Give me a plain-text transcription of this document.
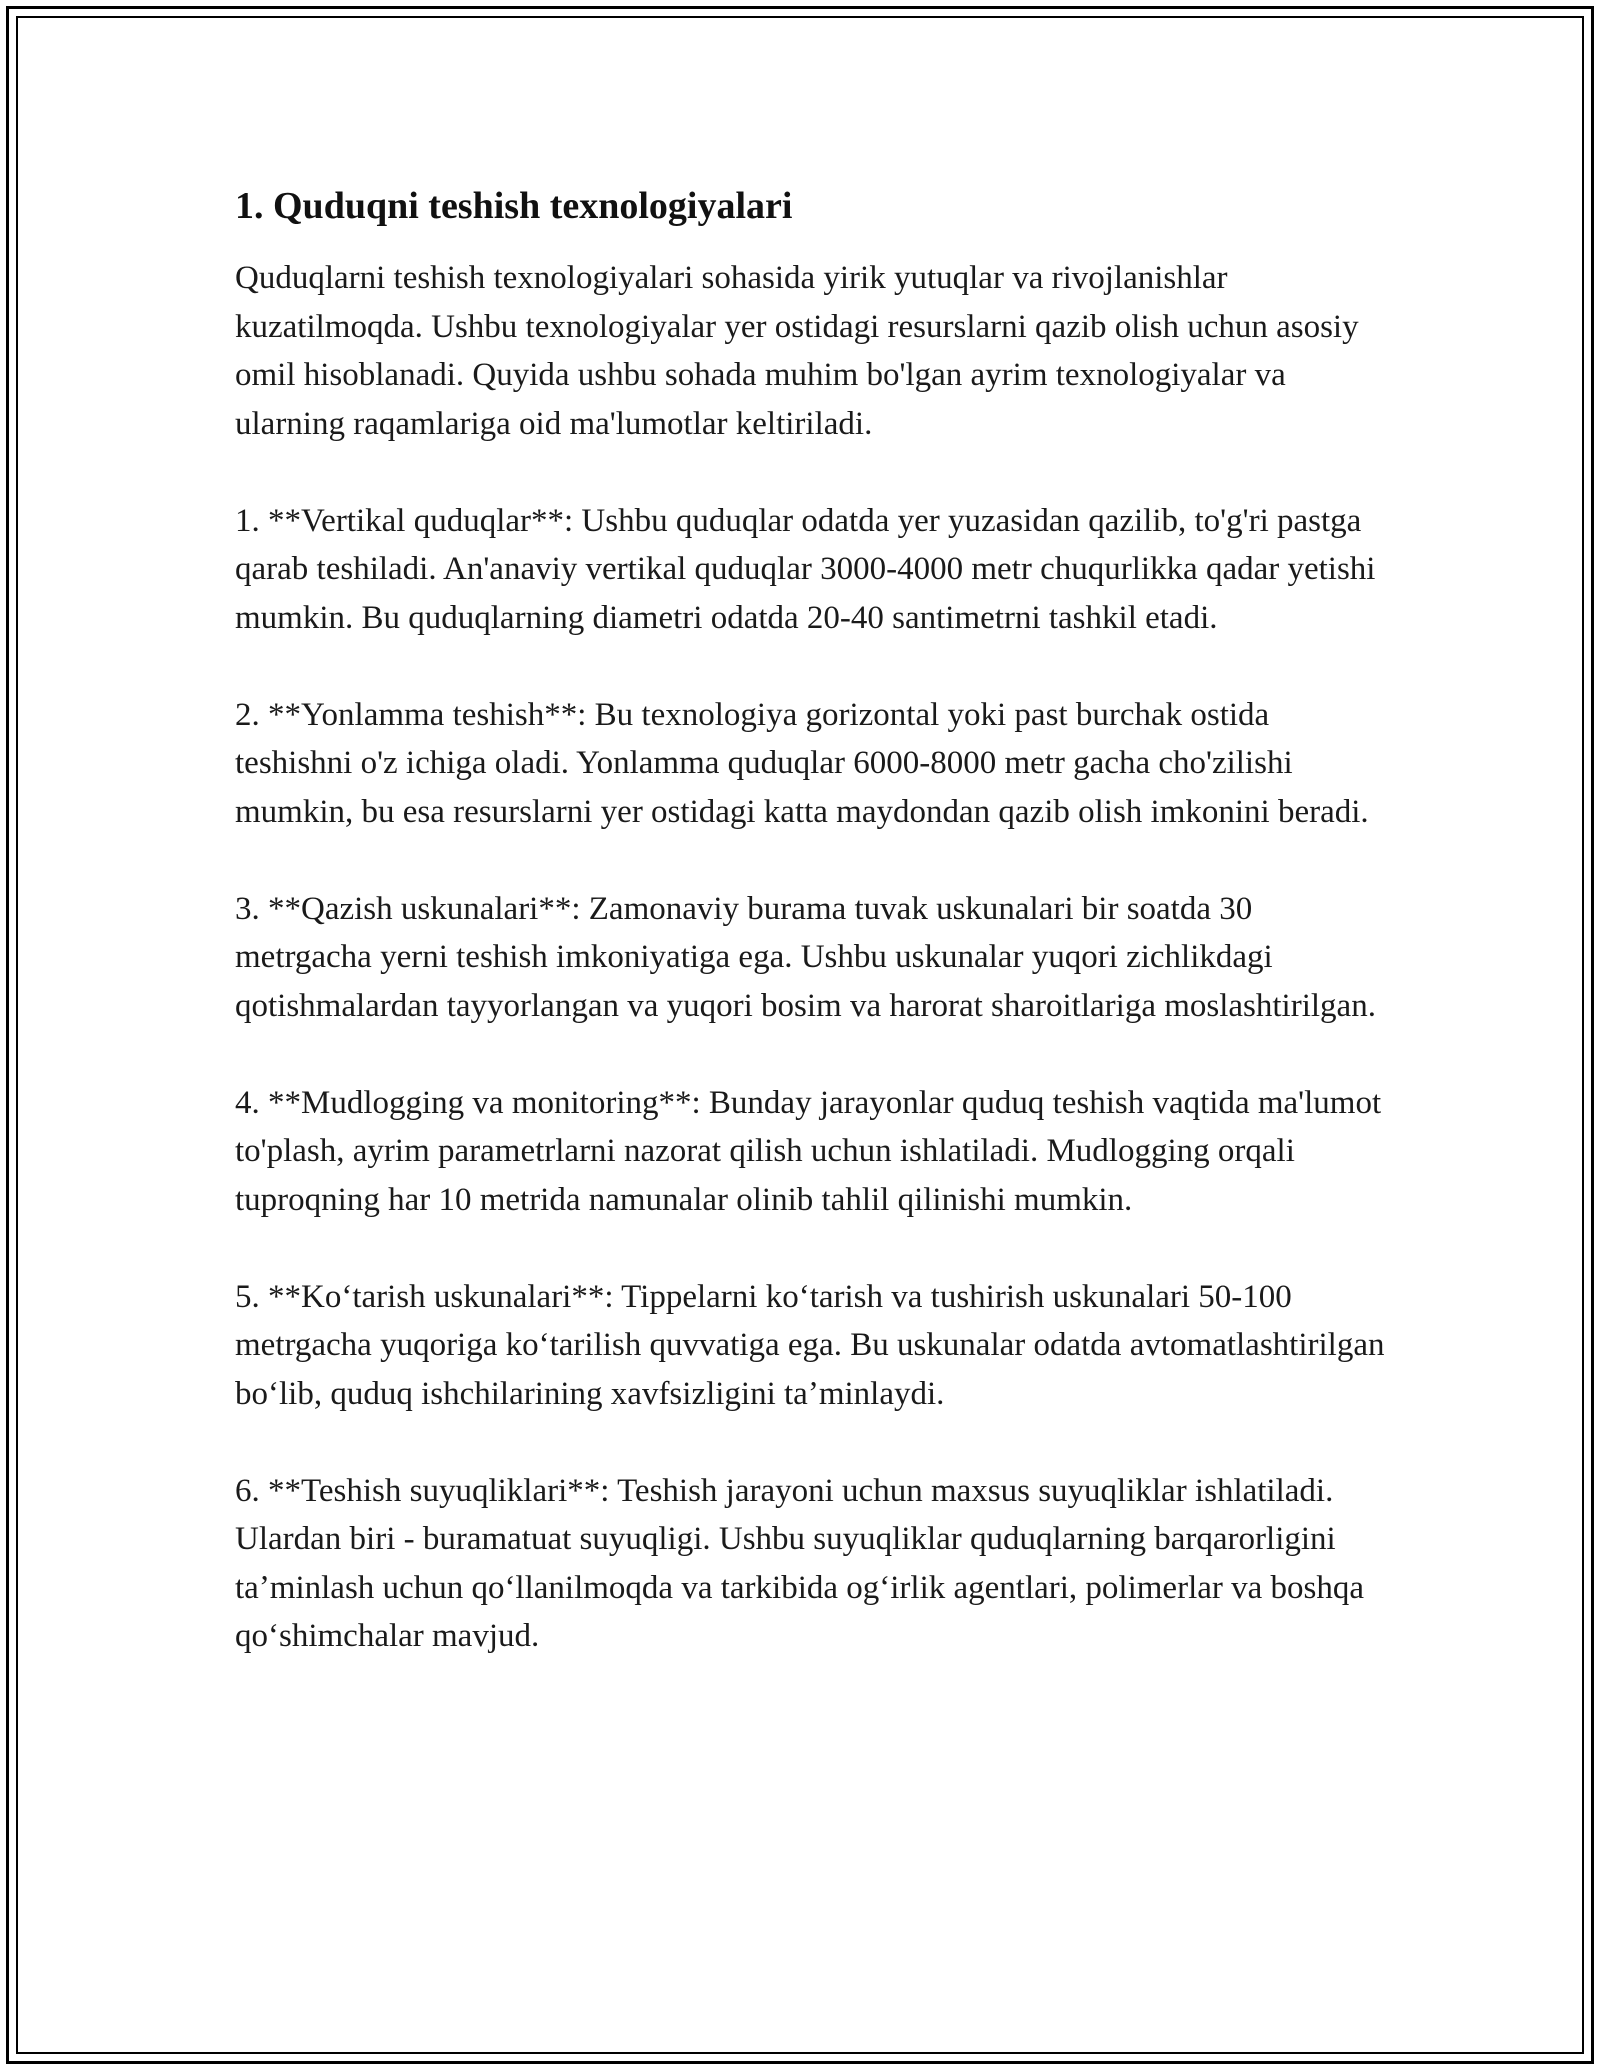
1. Quduqni teshish texnologiyalari

Quduqlarni teshish texnologiyalari sohasida yirik yutuqlar va rivojlanishlar kuzatilmoqda. Ushbu texnologiyalar yer ostidagi resurslarni qazib olish uchun asosiy omil hisoblanadi. Quyida ushbu sohada muhim bo'lgan ayrim texnologiyalar va ularning raqamlariga oid ma'lumotlar keltiriladi.

1. **Vertikal quduqlar**: Ushbu quduqlar odatda yer yuzasidan qazilib, to'g'ri pastga qarab teshiladi. An'anaviy vertikal quduqlar 3000-4000 metr chuqurlikka qadar yetishi mumkin. Bu quduqlarning diametri odatda 20-40 santimetrni tashkil etadi.

2. **Yonlamma teshish**: Bu texnologiya gorizontal yoki past burchak ostida teshishni o'z ichiga oladi. Yonlamma quduqlar 6000-8000 metr gacha cho'zilishi mumkin, bu esa resurslarni yer ostidagi katta maydondan qazib olish imkonini beradi.

3. **Qazish uskunalari**: Zamonaviy burama tuvak uskunalari bir soatda 30 metrgacha yerni teshish imkoniyatiga ega. Ushbu uskunalar yuqori zichlikdagi qotishmalardan tayyorlangan va yuqori bosim va harorat sharoitlariga moslashtirilgan.

4. **Mudlogging va monitoring**: Bunday jarayonlar quduq teshish vaqtida ma'lumot to'plash, ayrim parametrlarni nazorat qilish uchun ishlatiladi. Mudlogging orqali tuproqning har 10 metrida namunalar olinib tahlil qilinishi mumkin.

5. **Koʻtarish uskunalari**: Tippelarni koʻtarish va tushirish uskunalari 50-100 metrgacha yuqoriga koʻtarilish quvvatiga ega. Bu uskunalar odatda avtomatlashtirilgan boʻlib, quduq ishchilarining xavfsizligini taʼminlaydi.

6. **Teshish suyuqliklari**: Teshish jarayoni uchun maxsus suyuqliklar ishlatiladi. Ulardan biri - buramatuat suyuqligi. Ushbu suyuqliklar quduqlarning barqarorligini taʼminlash uchun qoʻllanilmoqda va tarkibida ogʻirlik agentlari, polimerlar va boshqa qoʻshimchalar mavjud.
